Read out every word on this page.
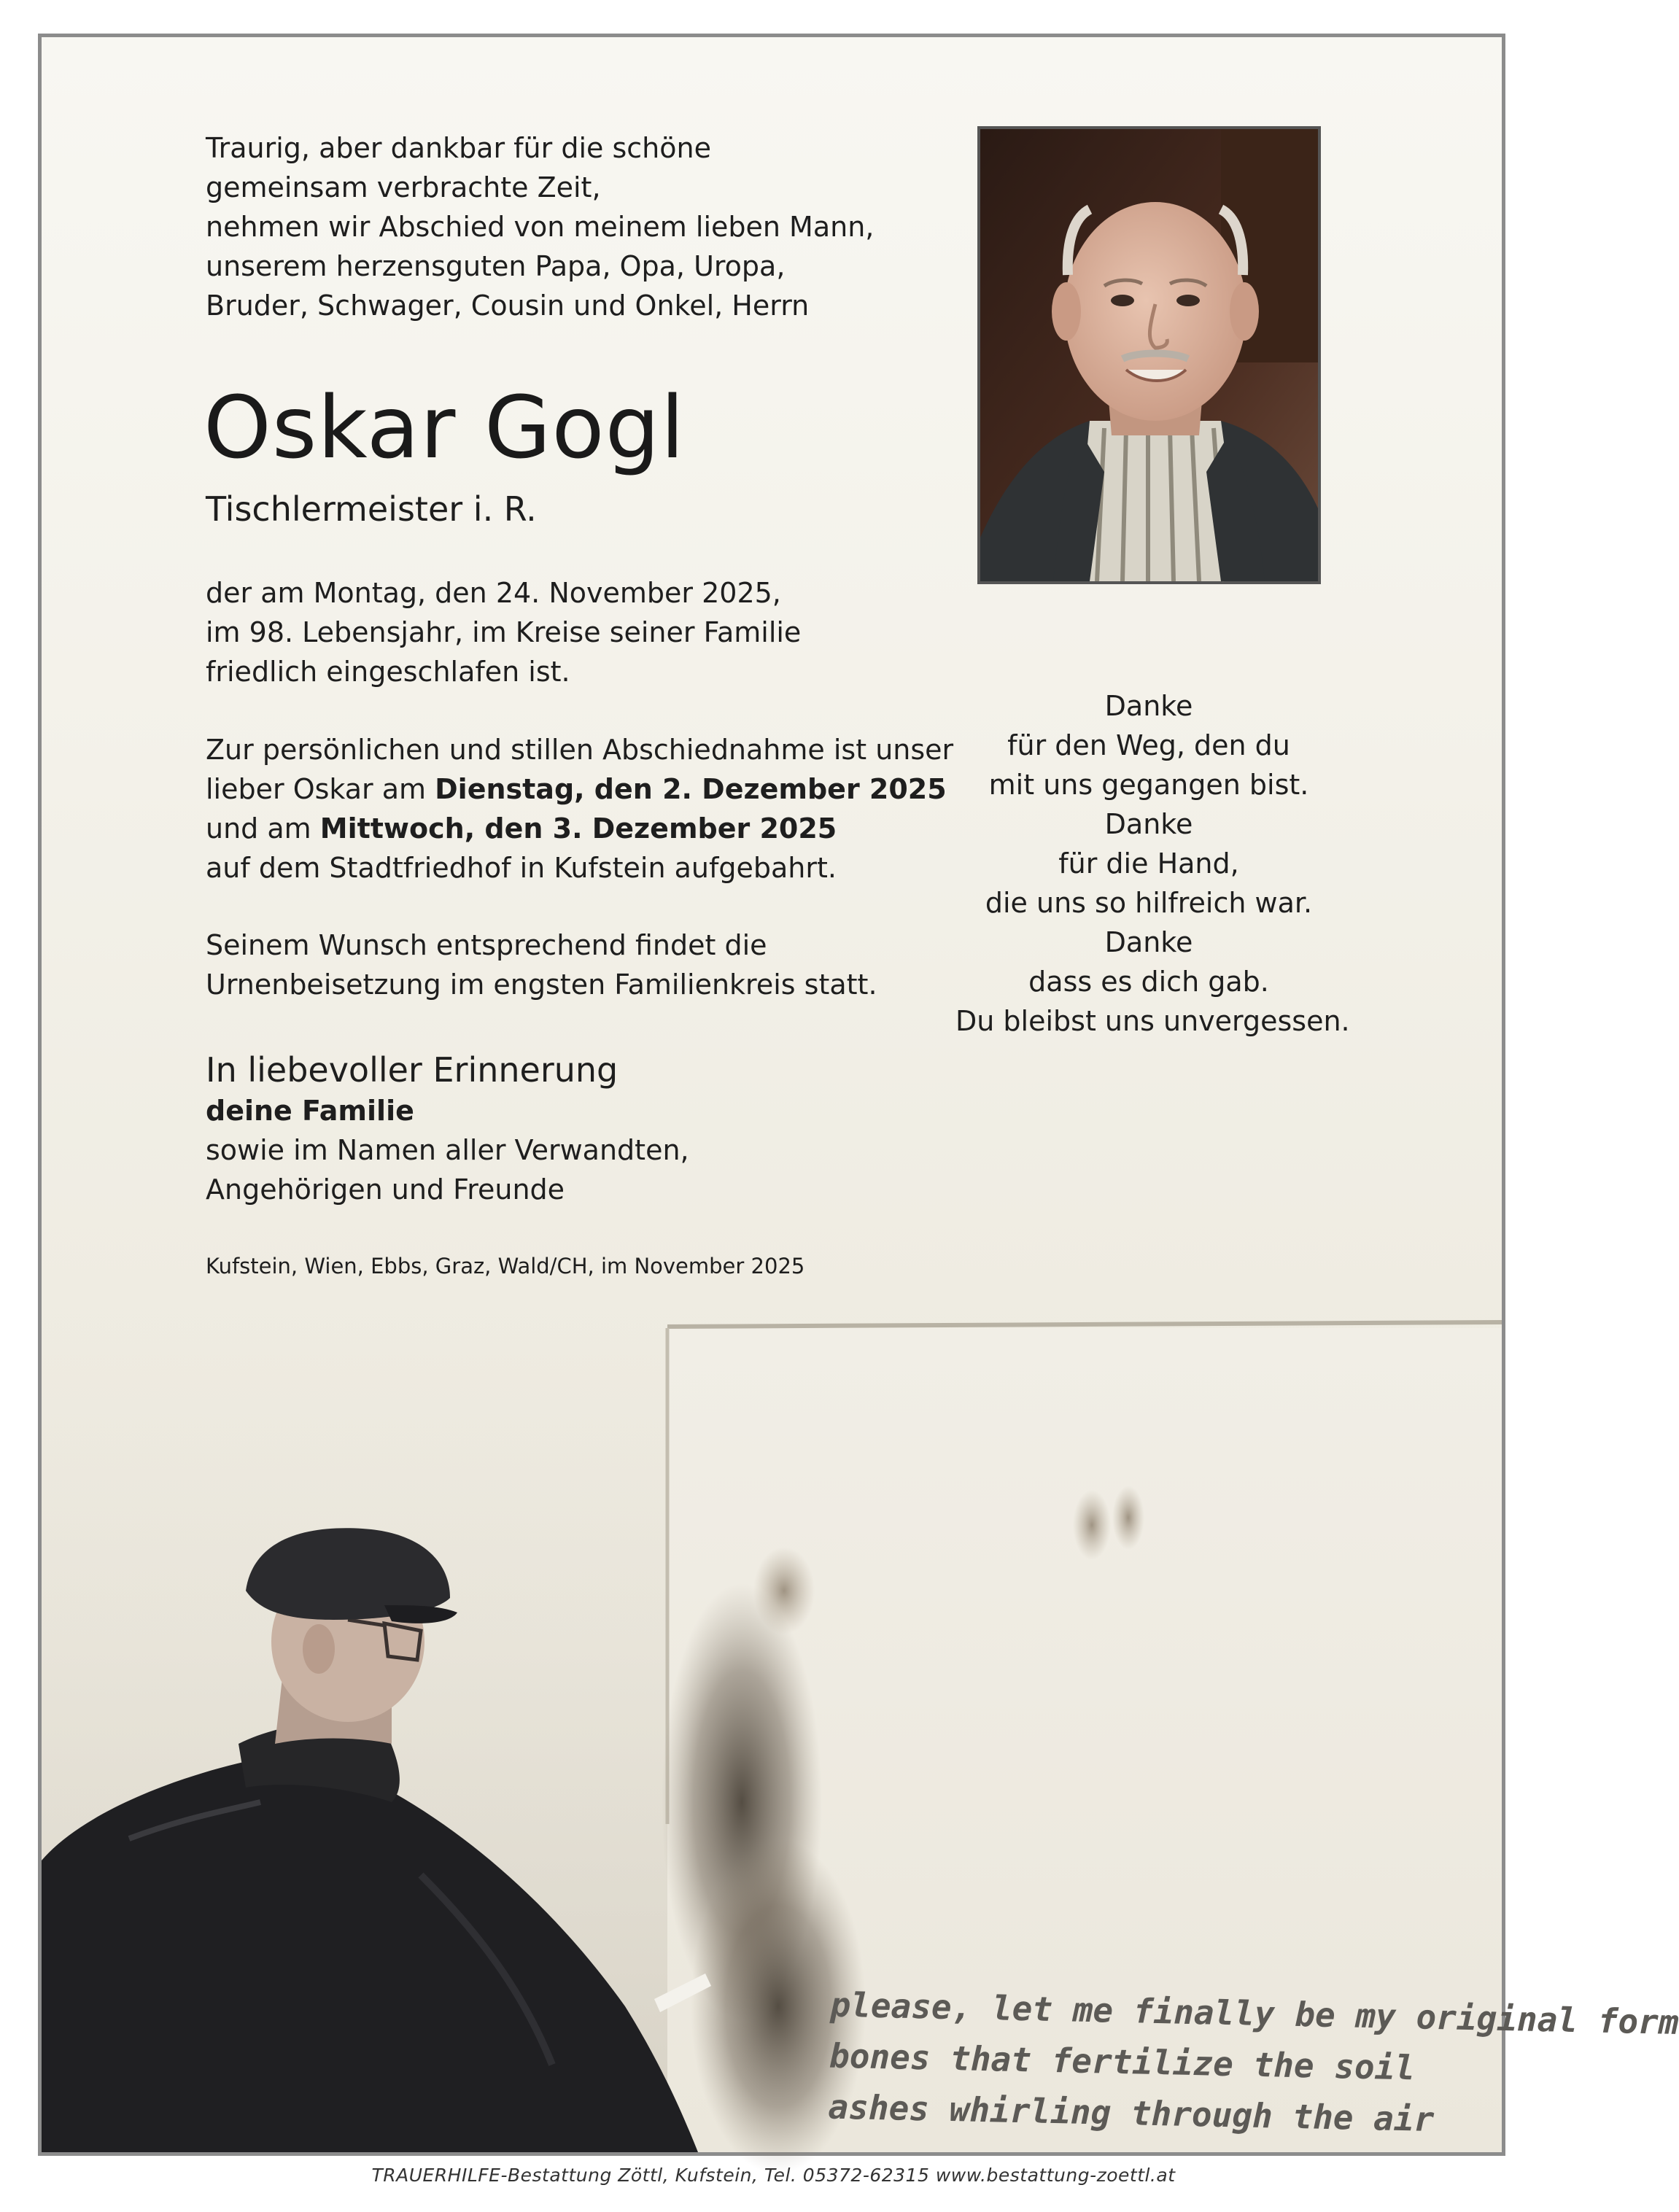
Traurig, aber dankbar für die schöne
gemeinsam verbrachte Zeit,
nehmen wir Abschied von meinem lieben Mann,
unserem herzensguten Papa, Opa, Uropa,
Bruder, Schwager, Cousin und Onkel, Herrn
Oskar Gogl
Tischlermeister i. R.
der am Montag, den 24. November 2025,
im 98. Lebensjahr, im Kreise seiner Familie
friedlich eingeschlafen ist.
Zur persönlichen und stillen Abschiednahme ist unser
lieber Oskar am Dienstag, den 2. Dezember 2025
und am Mittwoch, den 3. Dezember 2025
auf dem Stadtfriedhof in Kufstein aufgebahrt.
Seinem Wunsch entsprechend findet die
Urnenbeisetzung im engsten Familienkreis statt.
In liebevoller Erinnerung
deine Familie
sowie im Namen aller Verwandten,
Angehörigen und Freunde
Kufstein, Wien, Ebbs, Graz, Wald/CH, im November 2025
Danke
für den Weg, den du
mit uns gegangen bist.
Danke
für die Hand,
die uns so hilfreich war.
Danke
dass es dich gab.
Du bleibst uns unvergessen.
please, let me finally be my original form
bones that fertilize the soil
ashes whirling through the air
TRAUERHILFE-Bestattung Zöttl, Kufstein, Tel. 05372-62315 www.bestattung-zoettl.at
